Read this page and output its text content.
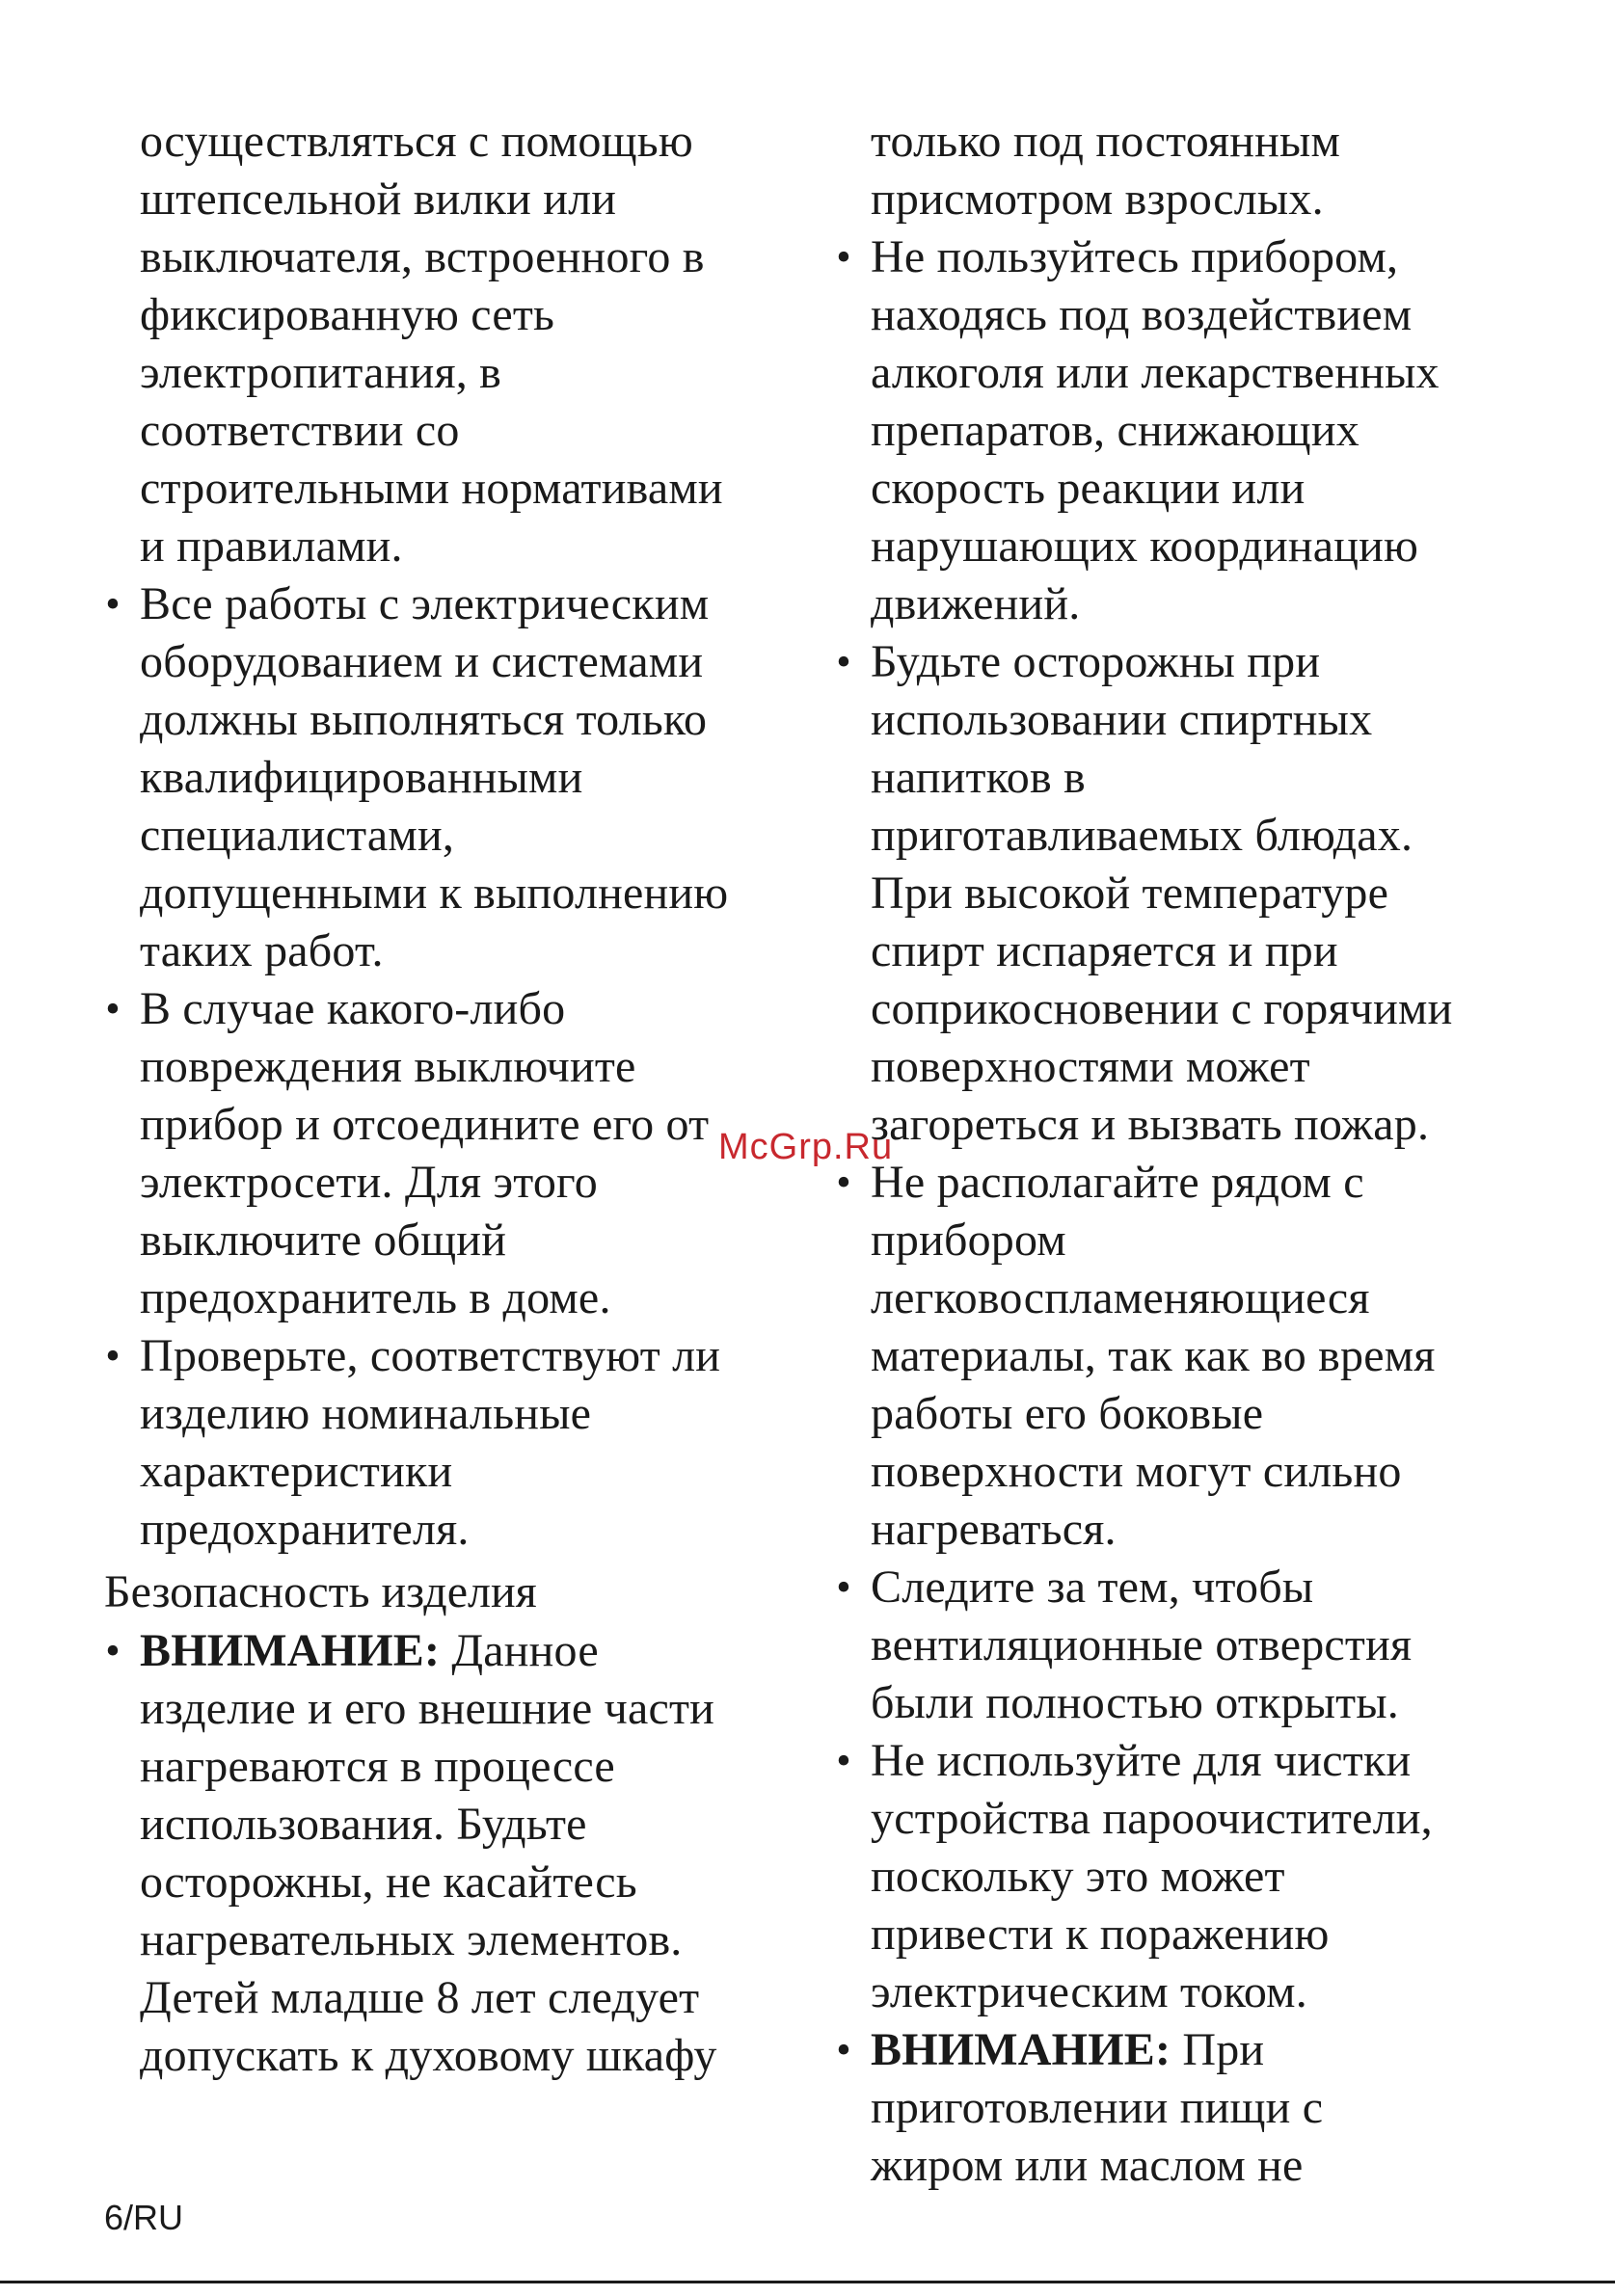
осуществляться с помощью
штепсельной вилки или
выключателя, встроенного в
фиксированную сеть
электропитания, в
соответствии со
строительными нормативами
и правилами.
• Все работы с электрическим
оборудованием и системами
должны выполняться только
квалифицированными
специалистами,
допущенными к выполнению
таких работ.
• В случае какого-либо
повреждения выключите
прибор и отсоедините его от
электросети. Для этого
выключите общий
предохранитель в доме.
• Проверьте, соответствуют ли
изделию номинальные
характеристики
предохранителя.
Безопасность изделия
• ВНИМАНИЕ: Данное
изделие и его внешние части
нагреваются в процессе
использования. Будьте
осторожны, не касайтесь
нагревательных элементов.
Детей младше 8 лет следует
допускать к духовому шкафу
только под постоянным
присмотром взрослых.
• Не пользуйтесь прибором,
находясь под воздействием
алкоголя или лекарственных
препаратов, снижающих
скорость реакции или
нарушающих координацию
движений.
• Будьте осторожны при
использовании спиртных
напитков в
приготавливаемых блюдах.
При высокой температуре
спирт испаряется и при
соприкосновении с горячими
поверхностями может
загореться и вызвать пожар.
• Не располагайте рядом с
прибором
легковоспламеняющиеся
материалы, так как во время
работы его боковые
поверхности могут сильно
нагреваться.
• Следите за тем, чтобы
вентиляционные отверстия
были полностью открыты.
• Не используйте для чистки
устройства пароочистители,
поскольку это может
привести к поражению
электрическим током.
• ВНИМАНИЕ: При
приготовлении пищи с
жиром или маслом не
McGrp.Ru
6/RU
